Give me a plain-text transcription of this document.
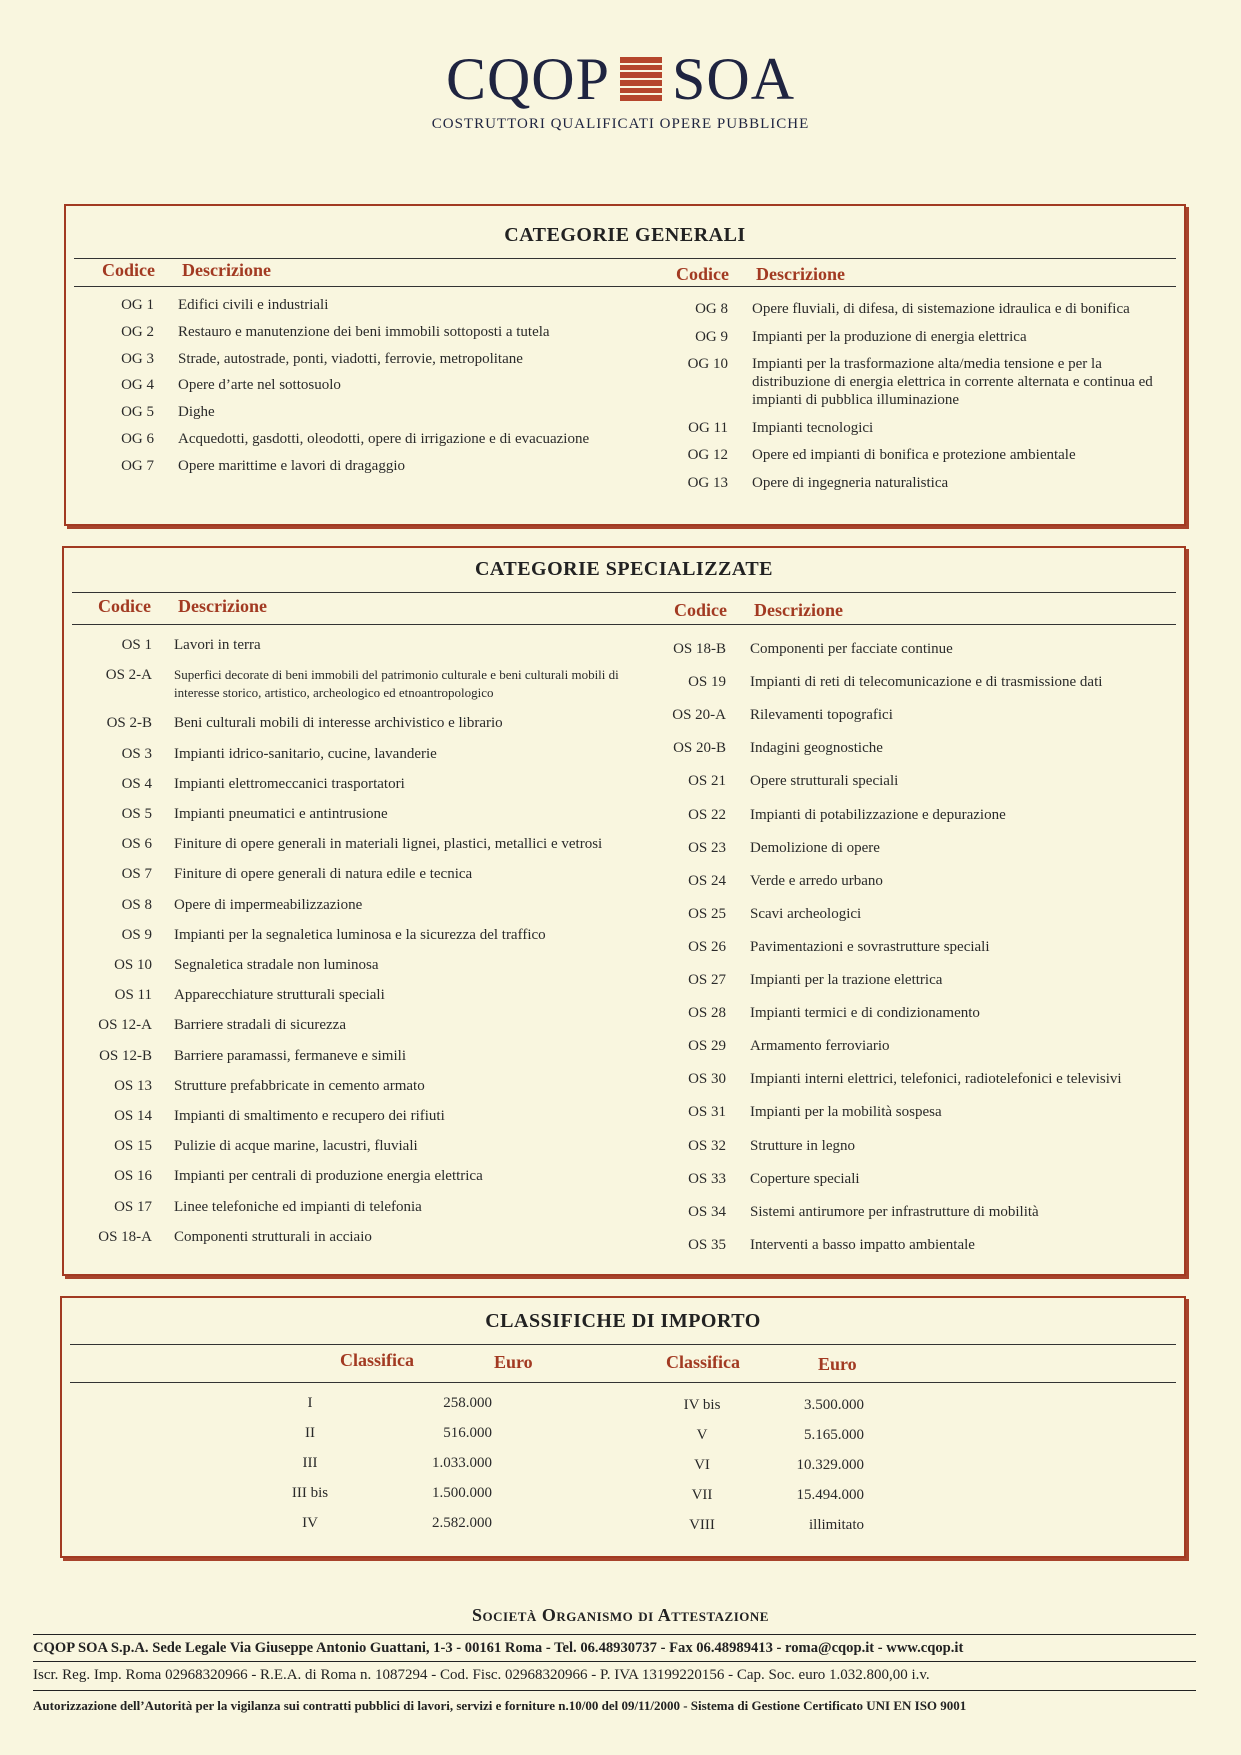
CQOP SOA
COSTRUTTORI QUALIFICATI OPERE PUBBLICHE
CATEGORIE GENERALI
Codice Descrizione	Codice Descrizione
OG 1 Edifici civili e industriali
OG 2 Restauro e manutenzione dei beni immobili sottoposti a tutela
OG 3 Strade, autostrade, ponti, viadotti, ferrovie, metropolitane
OG 4 Opere d’arte nel sottosuolo
OG 5 Dighe
OG 6 Acquedotti, gasdotti, oleodotti, opere di irrigazione e di evacuazione
OG 7 Opere marittime e lavori di dragaggio
OG 8 Opere fluviali, di difesa, di sistemazione idraulica e di bonifica
OG 9 Impianti per la produzione di energia elettrica
OG 10 Impianti per la trasformazione alta/media tensione e per la distribuzione di energia elettrica in corrente alternata e continua ed impianti di pubblica illuminazione
OG 11 Impianti tecnologici
OG 12 Opere ed impianti di bonifica e protezione ambientale
OG 13 Opere di ingegneria naturalistica
CATEGORIE SPECIALIZZATE
Codice Descrizione	Codice Descrizione
OS 1 Lavori in terra
OS 2-A Superfici decorate di beni immobili del patrimonio culturale e beni culturali mobili di interesse storico, artistico, archeologico ed etnoantropologico
OS 2-B Beni culturali mobili di interesse archivistico e librario
OS 3 Impianti idrico-sanitario, cucine, lavanderie
OS 4 Impianti elettromeccanici trasportatori
OS 5 Impianti pneumatici e antintrusione
OS 6 Finiture di opere generali in materiali lignei, plastici, metallici e vetrosi
OS 7 Finiture di opere generali di natura edile e tecnica
OS 8 Opere di impermeabilizzazione
OS 9 Impianti per la segnaletica luminosa e la sicurezza del traffico
OS 10 Segnaletica stradale non luminosa
OS 11 Apparecchiature strutturali speciali
OS 12-A Barriere stradali di sicurezza
OS 12-B Barriere paramassi, fermaneve e simili
OS 13 Strutture prefabbricate in cemento armato
OS 14 Impianti di smaltimento e recupero dei rifiuti
OS 15 Pulizie di acque marine, lacustri, fluviali
OS 16 Impianti per centrali di produzione energia elettrica
OS 17 Linee telefoniche ed impianti di telefonia
OS 18-A Componenti strutturali in acciaio
OS 18-B Componenti per facciate continue
OS 19 Impianti di reti di telecomunicazione e di trasmissione dati
OS 20-A Rilevamenti topografici
OS 20-B Indagini geognostiche
OS 21 Opere strutturali speciali
OS 22 Impianti di potabilizzazione e depurazione
OS 23 Demolizione di opere
OS 24 Verde e arredo urbano
OS 25 Scavi archeologici
OS 26 Pavimentazioni e sovrastrutture speciali
OS 27 Impianti per la trazione elettrica
OS 28 Impianti termici e di condizionamento
OS 29 Armamento ferroviario
OS 30 Impianti interni elettrici, telefonici, radiotelefonici e televisivi
OS 31 Impianti per la mobilità sospesa
OS 32 Strutture in legno
OS 33 Coperture speciali
OS 34 Sistemi antirumore per infrastrutture di mobilità
OS 35 Interventi a basso impatto ambientale
CLASSIFICHE DI IMPORTO
Classifica	Euro	Classifica	Euro
I	258.000
II	516.000
III	1.033.000
III bis	1.500.000
IV	2.582.000
IV bis	3.500.000
V	5.165.000
VI	10.329.000
VII	15.494.000
VIII	illimitato
Società Organismo di Attestazione
CQOP SOA S.p.A. Sede Legale Via Giuseppe Antonio Guattani, 1-3 - 00161 Roma - Tel. 06.48930737 - Fax 06.48989413 - roma@cqop.it - www.cqop.it
Iscr. Reg. Imp. Roma 02968320966 - R.E.A. di Roma n. 1087294 - Cod. Fisc. 02968320966 - P. IVA 13199220156 - Cap. Soc. euro 1.032.800,00 i.v.
Autorizzazione dell’Autorità per la vigilanza sui contratti pubblici di lavori, servizi e forniture n.10/00 del 09/11/2000 - Sistema di Gestione Certificato UNI EN ISO 9001
